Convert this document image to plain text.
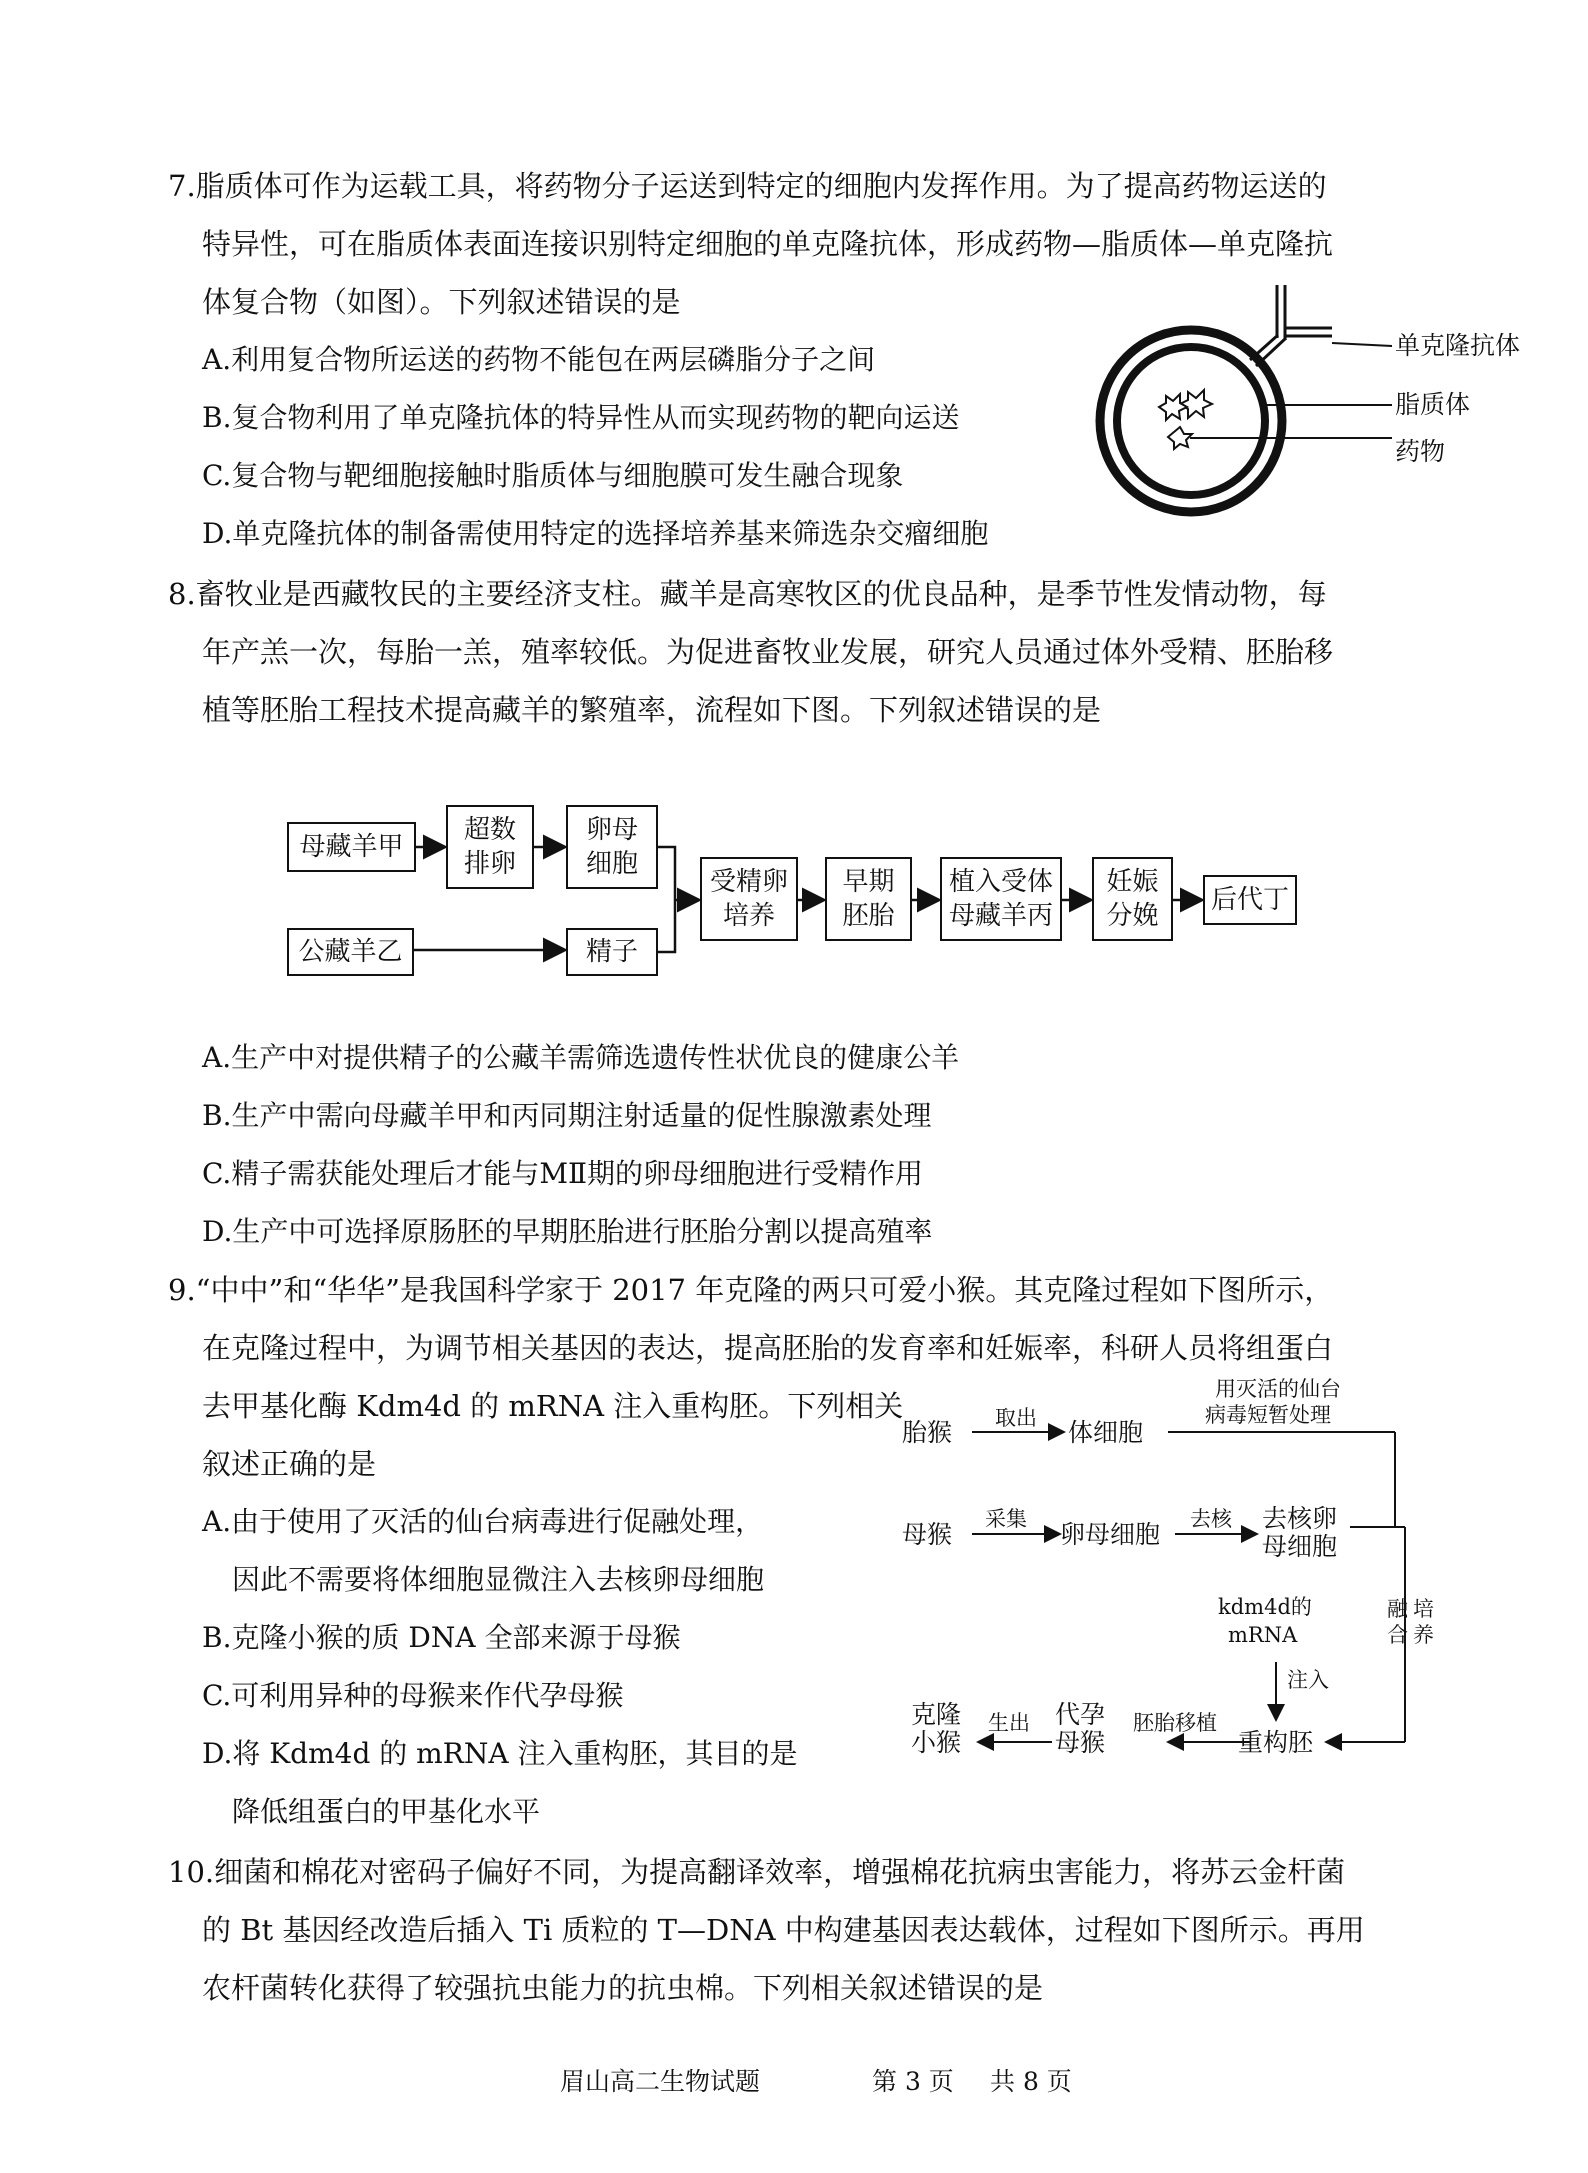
7.脂质体可作为运载工具，将药物分子运送到特定的细胞内发挥作用。为了提高药物运送的
特异性，可在脂质体表面连接识别特定细胞的单克隆抗体，形成药物—脂质体—单克隆抗
体复合物（如图）。下列叙述错误的是
A.利用复合物所运送的药物不能包在两层磷脂分子之间
B.复合物利用了单克隆抗体的特异性从而实现药物的靶向运送
C.复合物与靶细胞接触时脂质体与细胞膜可发生融合现象
D.单克隆抗体的制备需使用特定的选择培养基来筛选杂交瘤细胞
单克隆抗体
脂质体
药物
8.畜牧业是西藏牧民的主要经济支柱。藏羊是高寒牧区的优良品种，是季节性发情动物，每
年产羔一次，每胎一羔，殖率较低。为促进畜牧业发展，研究人员通过体外受精、胚胎移
植等胚胎工程技术提高藏羊的繁殖率，流程如下图。下列叙述错误的是
母藏羊甲
超数
排卵
卵母
细胞
公藏羊乙	精子
受精卵
培养
早期
胚胎
植入受体
母藏羊丙
妊娠
分娩
后代丁
A.生产中对提供精子的公藏羊需筛选遗传性状优良的健康公羊
B.生产中需向母藏羊甲和丙同期注射适量的促性腺激素处理
C.精子需获能处理后才能与MⅡ期的卵母细胞进行受精作用
D.生产中可选择原肠胚的早期胚胎进行胚胎分割以提高殖率
9.“中中”和“华华”是我国科学家于 2017 年克隆的两只可爱小猴。其克隆过程如下图所示，
在克隆过程中，为调节相关基因的表达，提高胚胎的发育率和妊娠率，科研人员将组蛋白
去甲基化酶 Kdm4d 的 mRNA 注入重构胚。下列相关
叙述正确的是
A.由于使用了灭活的仙台病毒进行促融处理，
因此不需要将体细胞显微注入去核卵母细胞
B.克隆小猴的质 DNA 全部来源于母猴
C.可利用异种的母猴来作代孕母猴
D.将 Kdm4d 的 mRNA 注入重构胚，其目的是
降低组蛋白的甲基化水平
胎猴 取出 体细胞
用灭活的仙台
病毒短暂处理
母猴
采集
卵母细胞
去核 去核卵
母细胞
kdm4d的
mRNA
注入
融
合
培
养
克隆
小猴
生出 代孕
母猴
胚胎移植
重构胚
10.细菌和棉花对密码子偏好不同，为提高翻译效率，增强棉花抗病虫害能力，将苏云金杆菌
的 Bt 基因经改造后插入 Ti 质粒的 T—DNA 中构建基因表达载体，过程如下图所示。再用
农杆菌转化获得了较强抗虫能力的抗虫棉。下列相关叙述错误的是
眉山高二生物试题	第 3 页 共 8 页
